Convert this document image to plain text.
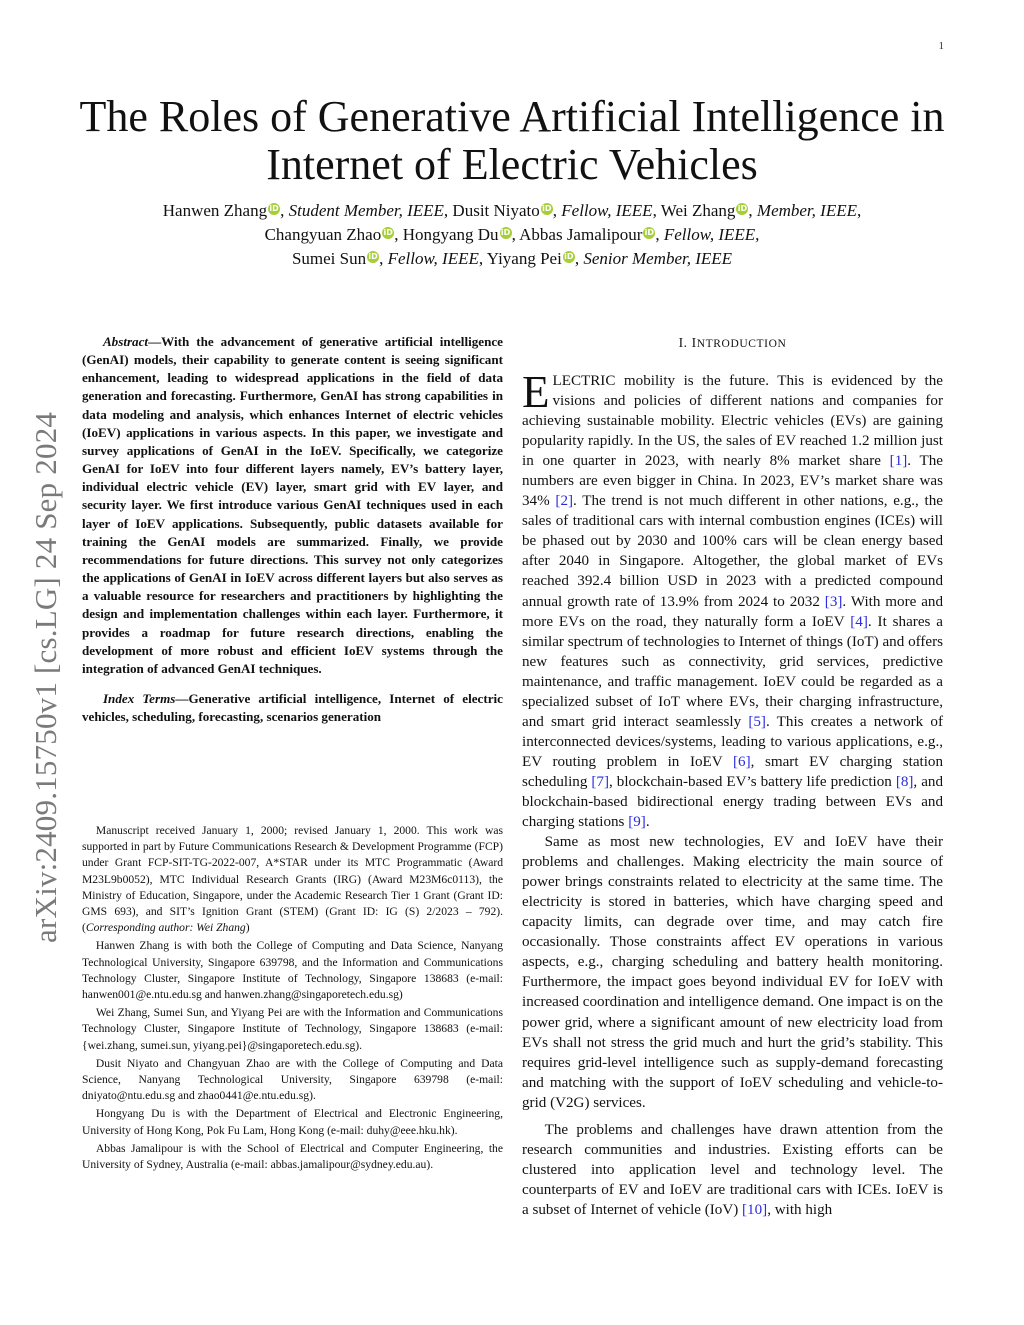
1
arXiv:2409.15750v1 [cs.LG] 24 Sep 2024
The Roles of Generative Artificial Intelligence in
Internet of Electric Vehicles
Hanwen Zhang iD, Student Member, IEEE, Dusit Niyato iD, Fellow, IEEE, Wei Zhang iD, Member, IEEE,
Changyuan Zhao iD, Hongyang Du iD, Abbas Jamalipour iD, Fellow, IEEE,
Sumei Sun iD, Fellow, IEEE, Yiyang Pei iD, Senior Member, IEEE

Abstract—With the advancement of generative artificial intelligence (GenAI) models, their capability to generate content is seeing significant enhancement, leading to widespread applications in the field of data generation and forecasting. Furthermore, GenAI has strong capabilities in data modeling and analysis, which enhances Internet of electric vehicles (IoEV) applications in various aspects. In this paper, we investigate and survey applications of GenAI in the IoEV. Specifically, we categorize GenAI for IoEV into four different layers namely, EV’s battery layer, individual electric vehicle (EV) layer, smart grid with EV layer, and security layer. We first introduce various GenAI techniques used in each layer of IoEV applications. Subsequently, public datasets available for training the GenAI models are summarized. Finally, we provide recommendations for future directions. This survey not only categorizes the applications of GenAI in IoEV across different layers but also serves as a valuable resource for researchers and practitioners by highlighting the design and implementation challenges within each layer. Furthermore, it provides a roadmap for future research directions, enabling the development of more robust and efficient IoEV systems through the integration of advanced GenAI techniques.

Index Terms—Generative artificial intelligence, Internet of electric vehicles, scheduling, forecasting, scenarios generation

Manuscript received January 1, 2000; revised January 1, 2000. This work was supported in part by Future Communications Research & Development Programme (FCP) under Grant FCP-SIT-TG-2022-007, A*STAR under its MTC Programmatic (Award M23L9b0052), MTC Individual Research Grants (IRG) (Award M23M6c0113), the Ministry of Education, Singapore, under the Academic Research Tier 1 Grant (Grant ID: GMS 693), and SIT’s Ignition Grant (STEM) (Grant ID: IG (S) 2/2023 – 792). (Corresponding author: Wei Zhang)

Hanwen Zhang is with both the College of Computing and Data Science, Nanyang Technological University, Singapore 639798, and the Information and Communications Technology Cluster, Singapore Institute of Technology, Singapore 138683 (e-mail: hanwen001@e.ntu.edu.sg and hanwen.zhang@singaporetech.edu.sg)

Wei Zhang, Sumei Sun, and Yiyang Pei are with the Information and Communications Technology Cluster, Singapore Institute of Technology, Singapore 138683 (e-mail: {wei.zhang, sumei.sun, yiyang.pei}@singaporetech.edu.sg).

Dusit Niyato and Changyuan Zhao are with the College of Computing and Data Science, Nanyang Technological University, Singapore 639798 (e-mail: dniyato@ntu.edu.sg and zhao0441@e.ntu.edu.sg).

Hongyang Du is with the Department of Electrical and Electronic Engineering, University of Hong Kong, Pok Fu Lam, Hong Kong (e-mail: duhy@eee.hku.hk).

Abbas Jamalipour is with the School of Electrical and Computer Engineering, the University of Sydney, Australia (e-mail: abbas.jamalipour@sydney.edu.au).

I. INTRODUCTION

ELECTRIC mobility is the future. This is evidenced by the visions and policies of different nations and companies for achieving sustainable mobility. Electric vehicles (EVs) are gaining popularity rapidly. In the US, the sales of EV reached 1.2 million just in one quarter in 2023, with nearly 8% market share [1]. The numbers are even bigger in China. In 2023, EV’s market share was 34% [2]. The trend is not much different in other nations, e.g., the sales of traditional cars with internal combustion engines (ICEs) will be phased out by 2030 and 100% cars will be clean energy based after 2040 in Singapore. Altogether, the global market of EVs reached 392.4 billion USD in 2023 with a predicted compound annual growth rate of 13.9% from 2024 to 2032 [3]. With more and more EVs on the road, they naturally form a IoEV [4]. It shares a similar spectrum of technologies to Internet of things (IoT) and offers new features such as connectivity, grid services, predictive maintenance, and traffic management. IoEV could be regarded as a specialized subset of IoT where EVs, their charging infrastructure, and smart grid interact seamlessly [5]. This creates a network of interconnected devices/systems, leading to various applications, e.g., EV routing problem in IoEV [6], smart EV charging station scheduling [7], blockchain-based EV’s battery life prediction [8], and blockchain-based bidirectional energy trading between EVs and charging stations [9].

Same as most new technologies, EV and IoEV have their problems and challenges. Making electricity the main source of power brings constraints related to electricity at the same time. The electricity is stored in batteries, which have charging speed and capacity limits, can degrade over time, and may catch fire occasionally. Those constraints affect EV operations in various aspects, e.g., charging scheduling and battery health monitoring. Furthermore, the impact goes beyond individual EV for IoEV with increased coordination and intelligence demand. One impact is on the power grid, where a significant amount of new electricity load from EVs shall not stress the grid much and hurt the grid’s stability. This requires grid-level intelligence such as supply-demand forecasting and matching with the support of IoEV scheduling and vehicle-to-grid (V2G) services.

The problems and challenges have drawn attention from the research communities and industries. Existing efforts can be clustered into application level and technology level. The counterparts of EV and IoEV are traditional cars with ICEs. IoEV is a subset of Internet of vehicle (IoV) [10], with high
